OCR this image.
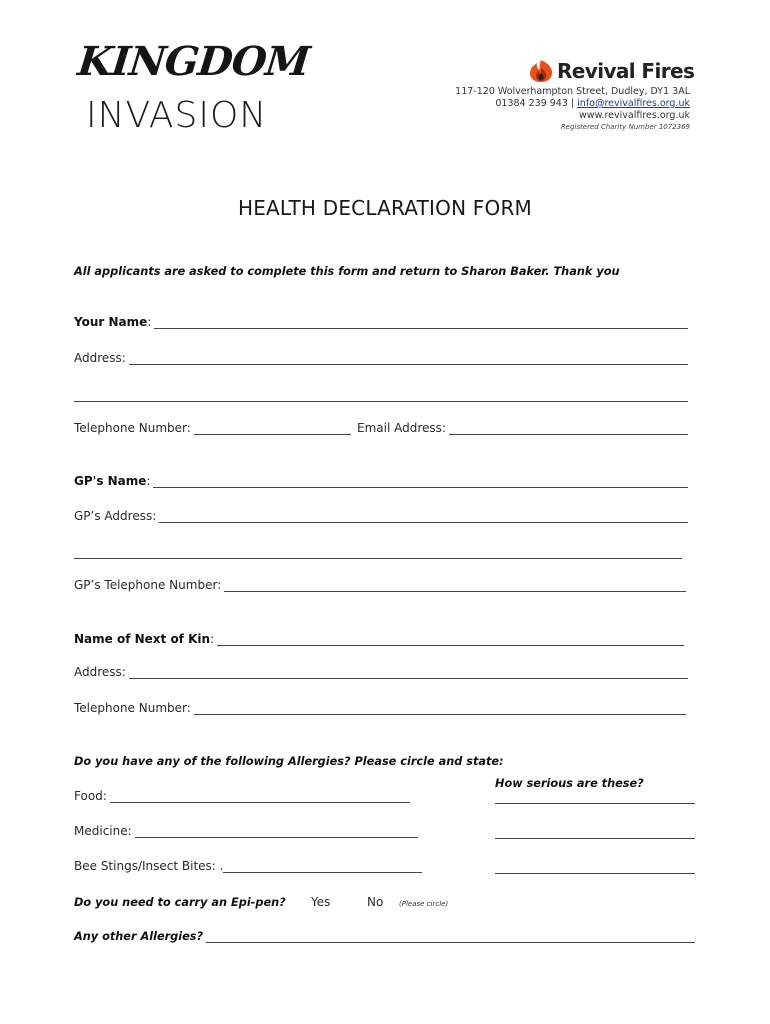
KINGDOM
INVASION
Revival Fires
117-120 Wolverhampton Street, Dudley, DY1 3AL
01384 239 943 | info@revivalfires.org.uk
www.revivalfires.org.uk
Registered Charity Number 1072369
HEALTH DECLARATION FORM
All applicants are asked to complete this form and return to Sharon Baker. Thank you
Your Name:
Address:
Telephone Number:	Email Address:
GP's Name:
GP’s Address:
GP’s Telephone Number:
Name of Next of Kin:
Address:
Telephone Number:
Do you have any of the following Allergies? Please circle and state:
How serious are these?
Food:
Medicine:
Bee Stings/Insect Bites: .
Do you need to carry an Epi-pen? Yes	No (Please circle)
Any other Allergies?
